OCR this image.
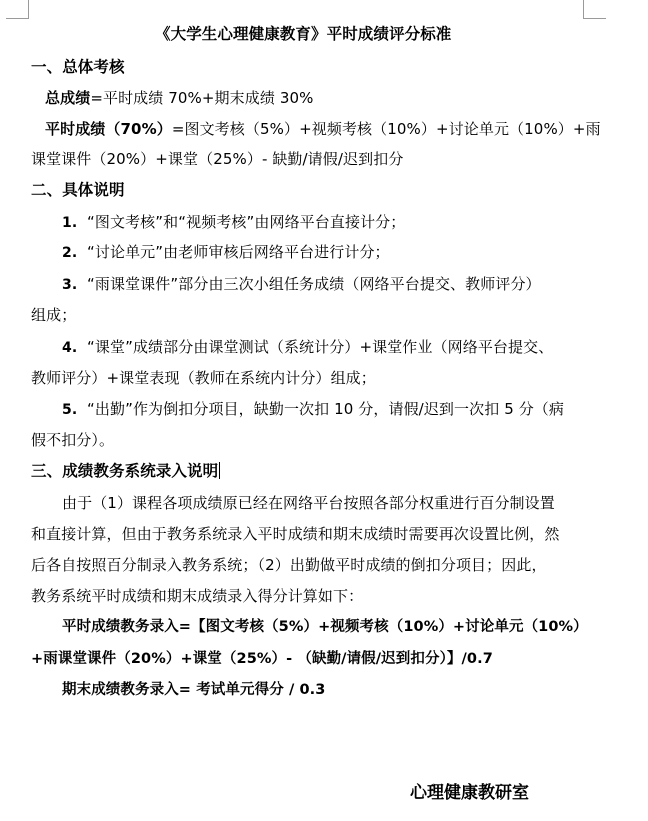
《大学生心理健康教育》平时成绩评分标准
一、总体考核
总成绩=平时成绩 70%+期末成绩 30%
平时成绩（70%）=图文考核（5%）+视频考核（10%）+讨论单元（10%）+雨
课堂课件（20%）+课堂（25%）- 缺勤/请假/迟到扣分
二、具体说明
1. “图文考核”和“视频考核”由网络平台直接计分；
2. “讨论单元”由老师审核后网络平台进行计分；
3. “雨课堂课件”部分由三次小组任务成绩（网络平台提交、教师评分）
组成；
4. “课堂”成绩部分由课堂测试（系统计分）+课堂作业（网络平台提交、
教师评分）+课堂表现（教师在系统内计分）组成；
5. “出勤”作为倒扣分项目，缺勤一次扣 10 分，请假/迟到一次扣 5 分（病
假不扣分）。
三、成绩教务系统录入说明
由于（1）课程各项成绩原已经在网络平台按照各部分权重进行百分制设置
和直接计算，但由于教务系统录入平时成绩和期末成绩时需要再次设置比例，然
后各自按照百分制录入教务系统；（2）出勤做平时成绩的倒扣分项目；因此，
教务系统平时成绩和期末成绩录入得分计算如下：
平时成绩教务录入=【图文考核（5%）+视频考核（10%）+讨论单元（10%）
+雨课堂课件（20%）+课堂（25%）- （缺勤/请假/迟到扣分）】/0.7
期末成绩教务录入= 考试单元得分 / 0.3
心理健康教研室
